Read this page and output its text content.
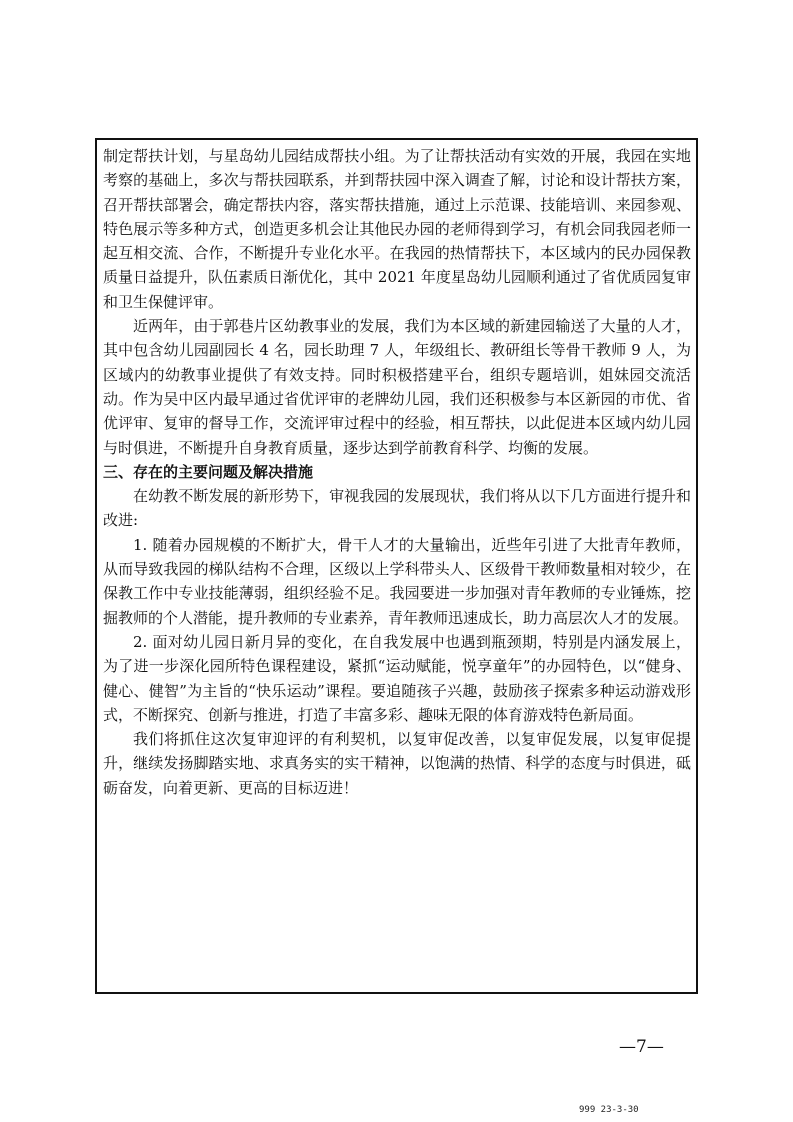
制定帮扶计划，与星岛幼儿园结成帮扶小组。为了让帮扶活动有实效的开展，我园在实地考察的基础上，多次与帮扶园联系，并到帮扶园中深入调查了解，讨论和设计帮扶方案，召开帮扶部署会，确定帮扶内容，落实帮扶措施，通过上示范课、技能培训、来园参观、特色展示等多种方式，创造更多机会让其他民办园的老师得到学习，有机会同我园老师一起互相交流、合作，不断提升专业化水平。在我园的热情帮扶下，本区域内的民办园保教质量日益提升，队伍素质日渐优化，其中 2021 年度星岛幼儿园顺利通过了省优质园复审和卫生保健评审。

近两年，由于郭巷片区幼教事业的发展，我们为本区域的新建园输送了大量的人才，其中包含幼儿园副园长 4 名，园长助理 7 人，年级组长、教研组长等骨干教师 9 人，为区域内的幼教事业提供了有效支持。同时积极搭建平台，组织专题培训，姐妹园交流活动。作为吴中区内最早通过省优评审的老牌幼儿园，我们还积极参与本区新园的市优、省优评审、复审的督导工作，交流评审过程中的经验，相互帮扶，以此促进本区域内幼儿园与时俱进，不断提升自身教育质量，逐步达到学前教育科学、均衡的发展。

三、存在的主要问题及解决措施

在幼教不断发展的新形势下，审视我园的发展现状，我们将从以下几方面进行提升和改进:

1. 随着办园规模的不断扩大，骨干人才的大量输出，近些年引进了大批青年教师，从而导致我园的梯队结构不合理，区级以上学科带头人、区级骨干教师数量相对较少，在保教工作中专业技能薄弱，组织经验不足。我园要进一步加强对青年教师的专业锤炼，挖掘教师的个人潜能，提升教师的专业素养，青年教师迅速成长，助力高层次人才的发展。

2. 面对幼儿园日新月异的变化，在自我发展中也遇到瓶颈期，特别是内涵发展上，为了进一步深化园所特色课程建设，紧抓“运动赋能，悦享童年”的办园特色，以“健身、健心、健智”为主旨的“快乐运动”课程。要追随孩子兴趣，鼓励孩子探索多种运动游戏形式，不断探究、创新与推进，打造了丰富多彩、趣味无限的体育游戏特色新局面。

我们将抓住这次复审迎评的有利契机，以复审促改善，以复审促发展，以复审促提升，继续发扬脚踏实地、求真务实的实干精神，以饱满的热情、科学的态度与时俱进，砥砺奋发，向着更新、更高的目标迈进！

—7—
999 23-3-30
